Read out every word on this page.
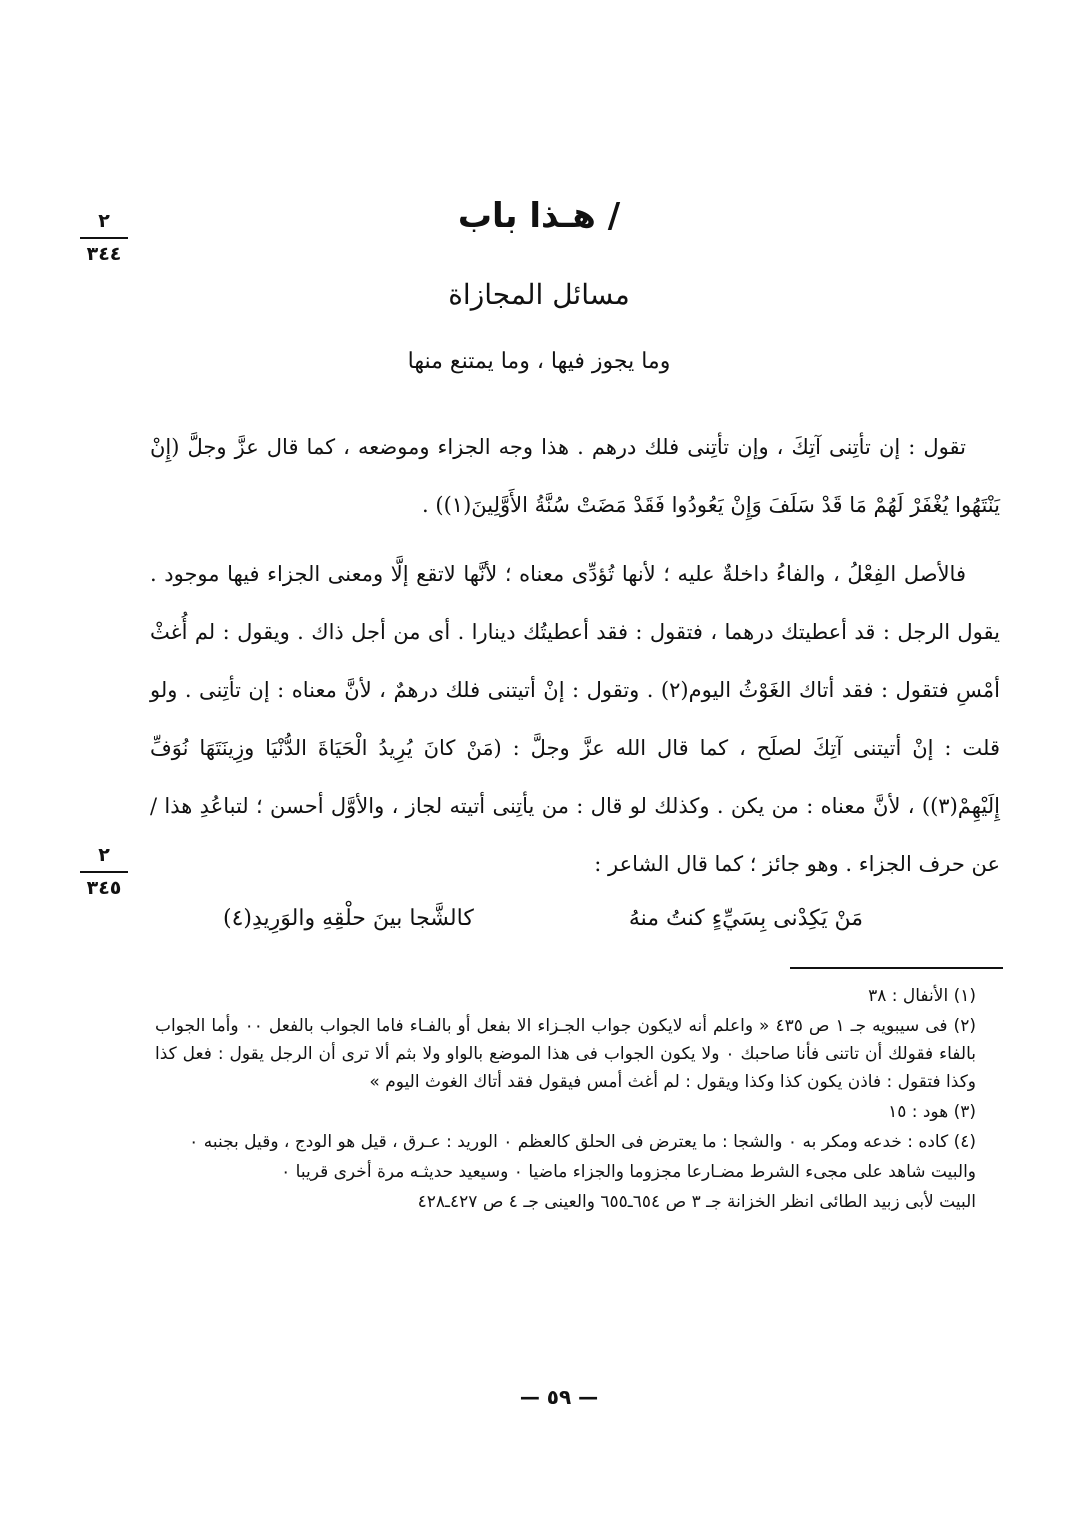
٢
٣٤٤
٢
٣٤٥
/ هـذا باب
مسائل المجازاة
وما يجوز فيها ، وما يمتنع منها

تقول : إن تأتِنى آتِكَ ، وإن تأتِنى فلك درهم . هذا وجه الجزاء وموضعه ، كما قال عزَّ وجلَّ (إِنْ يَنْتَهُوا يُغْفَرْ لَهُمْ مَا قَدْ سَلَفَ وَإِنْ يَعُودُوا فَقَدْ مَضَتْ سُنَّةُ الأَوَّلِينَ(١)) .

فالأصل الفِعْلُ ، والفاءُ داخلةٌ عليه ؛ لأنها تُؤدِّى معناه ؛ لأنَّها لاتقع إلَّا ومعنى الجزاء فيها موجود . يقول الرجل : قد أعطيتك درهما ، فتقول : فقد أعطيتُك دينارا . أى من أجل ذاك . ويقول : لم أُغثْ أمْسِ فتقول : فقد أتاك الغَوْثُ اليوم(٢) . وتقول : إنْ أتيتنى فلك درهمٌ ، لأنَّ معناه : إن تأتِنى . ولو قلت : إنْ أتيتنى آتِكَ لصلَح ، كما قال الله عزَّ وجلَّ : (مَنْ كانَ يُرِيدُ الْحَيَاةَ الدُّنْيَا وزِينَتَهَا نُوَفِّ إِلَيْهِمْ(٣)) ، لأنَّ معناه : من يكن . وكذلك لو قال : من يأتِنى أتيته لجاز ، والأوَّل أحسن ؛ لتباعُدِ هذا / عن حرف الجزاء . وهو جائز ؛ كما قال الشاعر :

مَنْ يَكِدْنى بِسَيِّءٍ كنتُ منهُ
كالشَّجا بينَ حلْقِهِ والوَرِيدِ(٤)

(١) الأنفال : ٣٨

(٢) فى سيبويه جـ ١ ص ٤٣٥ « واعلم أنه لايكون جواب الجـزاء الا بفعل أو بالفـاء فاما الجواب بالفعل ٠٠ وأما الجواب بالفاء فقولك أن تاتنى فأنا صاحبك ٠ ولا يكون الجواب فى هذا الموضع بالواو ولا بثم ألا ترى أن الرجل يقول : فعل كذا وكذا فتقول : فاذن يكون كذا وكذا ويقول : لم أغث أمس فيقول فقد أتاك الغوث اليوم »

(٣) هود : ١٥

(٤) كاده : خدعه ومكر به ٠ والشجا : ما يعترض فى الحلق كالعظم ٠ الوريد : عـرق ، قيل هو الودج ، وقيل بجنبه ٠

والبيت شاهد على مجىء الشرط مضـارعا مجزوما والجزاء ماضيا ٠ وسيعيد حديثـه مرة أخرى قريبا ٠

البيت لأبى زبيد الطائى انظر الخزانة جـ ٣ ص ٦٥٤ـ٦٥٥ والعينى جـ ٤ ص ٤٢٧ـ٤٢٨

— ٥٩ —
